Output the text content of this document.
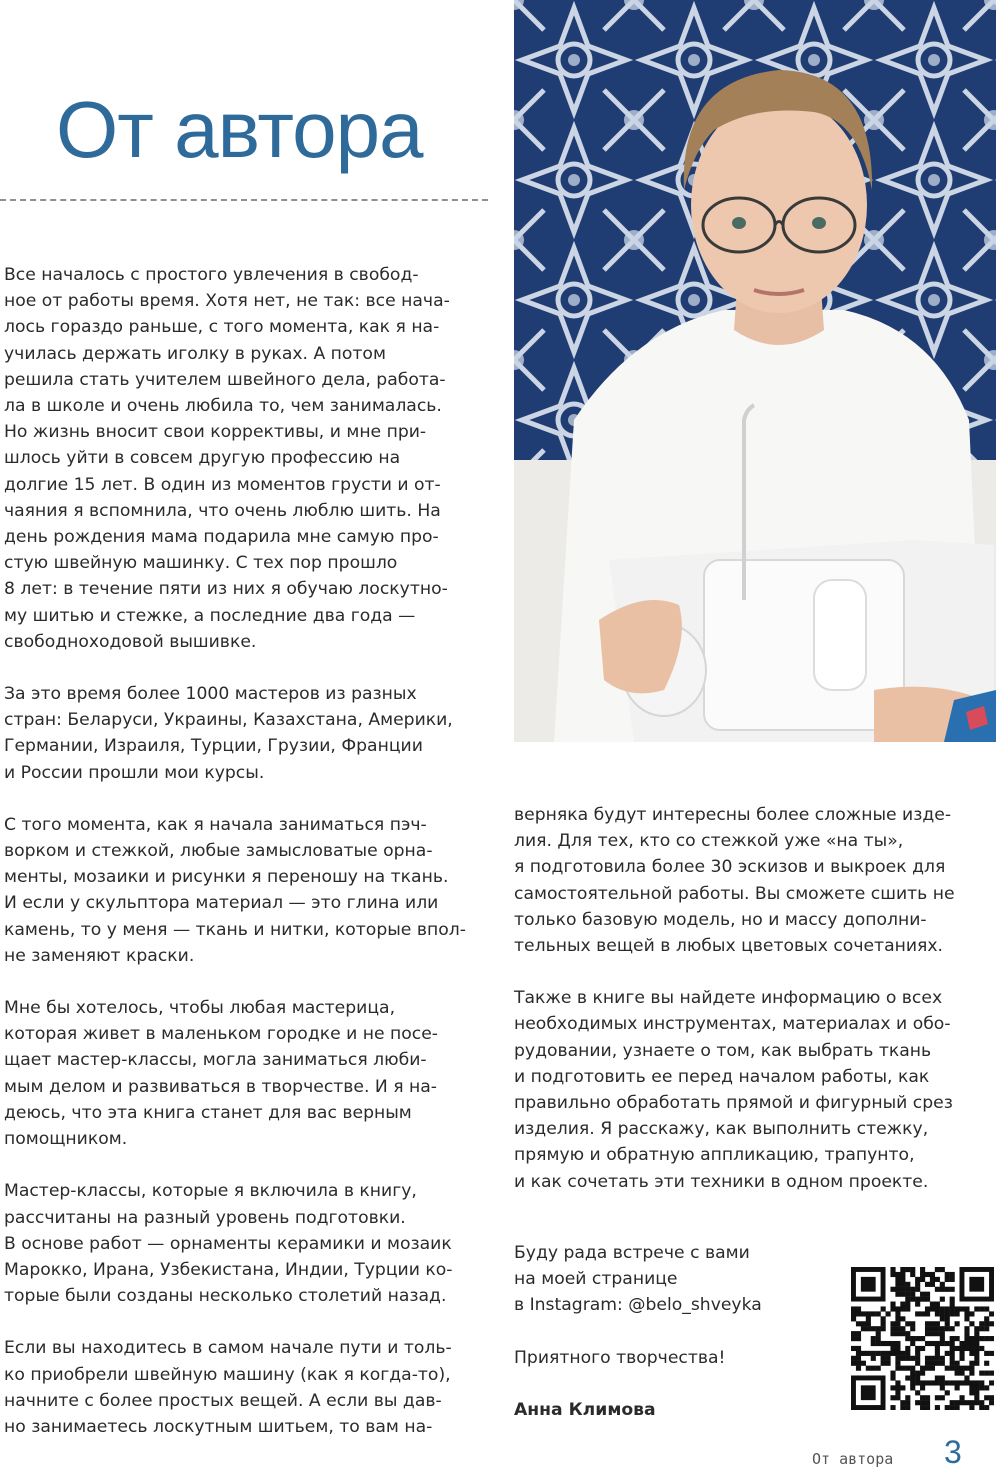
От автора

Все началось с простого увлечения в свобод-
ное от работы время. Хотя нет, не так: все нача-
лось гораздо раньше, с того момента, как я на-
училась держать иголку в руках. А потом
решила стать учителем швейного дела, работа-
ла в школе и очень любила то, чем занималась.
Но жизнь вносит свои коррективы, и мне при-
шлось уйти в совсем другую профессию на
долгие 15 лет. В один из моментов грусти и от-
чаяния я вспомнила, что очень люблю шить. На
день рождения мама подарила мне самую про-
стую швейную машинку. С тех пор прошло
8 лет: в течение пяти из них я обучаю лоскутно-
му шитью и стежке, а последние два года —
свободноходовой вышивке.

За это время более 1000 мастеров из разных
стран: Беларуси, Украины, Казахстана, Америки,
Германии, Израиля, Турции, Грузии, Франции
и России прошли мои курсы.

С того момента, как я начала заниматься пэч-
ворком и стежкой, любые замысловатые орна-
менты, мозаики и рисунки я переношу на ткань.
И если у скульптора материал — это глина или
камень, то у меня — ткань и нитки, которые впол-
не заменяют краски.

Мне бы хотелось, чтобы любая мастерица,
которая живет в маленьком городке и не посе-
щает мастер-классы, могла заниматься люби-
мым делом и развиваться в творчестве. И я на-
деюсь, что эта книга станет для вас верным
помощником.

Мастер-классы, которые я включила в книгу,
рассчитаны на разный уровень подготовки.
В основе работ — орнаменты керамики и мозаик
Марокко, Ирана, Узбекистана, Индии, Турции ко-
торые были созданы несколько столетий назад.

Если вы находитесь в самом начале пути и толь-
ко приобрели швейную машину (как я когда-то),
начните с более простых вещей. А если вы дав-
но занимаетесь лоскутным шитьем, то вам на-

верняка будут интересны более сложные изде-
лия. Для тех, кто со стежкой уже «на ты»,
я подготовила более 30 эскизов и выкроек для
самостоятельной работы. Вы сможете сшить не
только базовую модель, но и массу дополни-
тельных вещей в любых цветовых сочетаниях.

Также в книге вы найдете информацию о всех
необходимых инструментах, материалах и обо-
рудовании, узнаете о том, как выбрать ткань
и подготовить ее перед началом работы, как
правильно обработать прямой и фигурный срез
изделия. Я расскажу, как выполнить стежку,
прямую и обратную аппликацию, трапунто,
и как сочетать эти техники в одном проекте.

Буду рада встрече с вами
на моей странице
в Instagram: @belo_shveyka

Приятного творчества!

Анна Климова

От автора 3
